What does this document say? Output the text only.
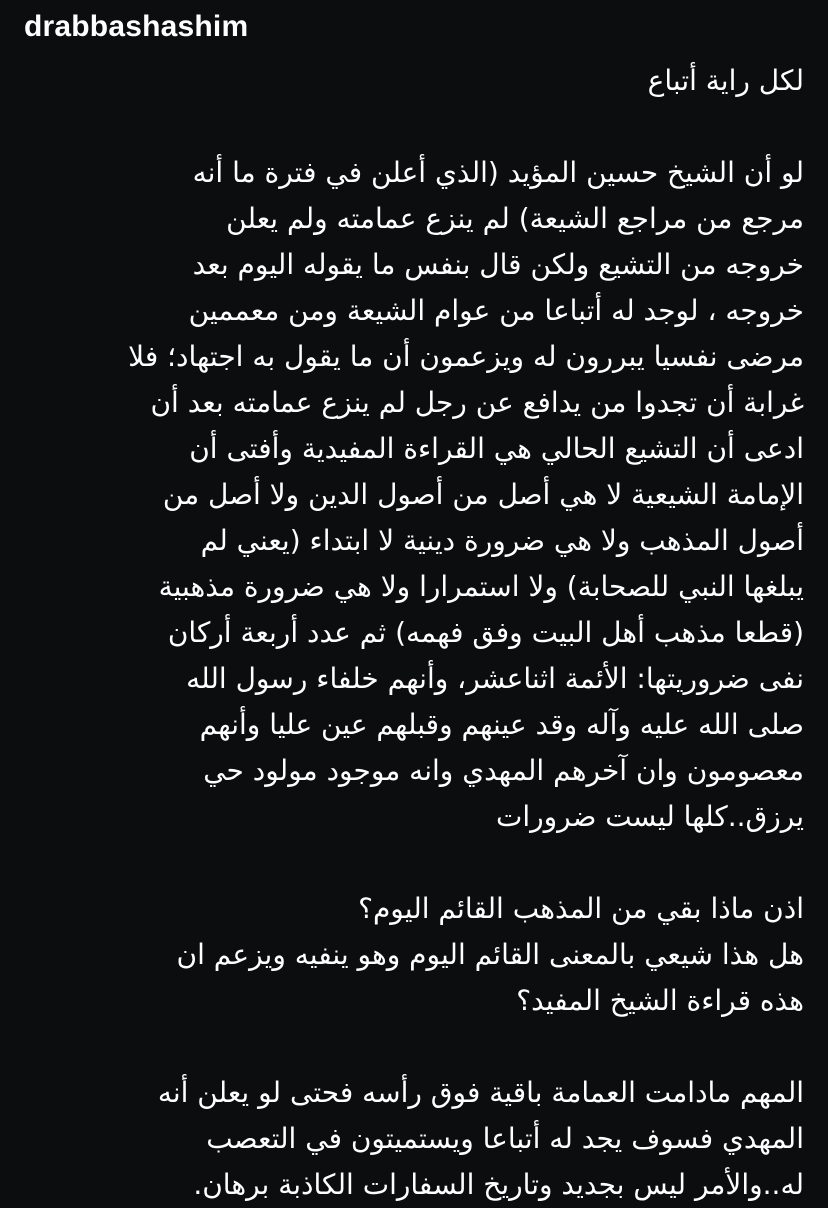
drabbashashim
لكل راية أتباع
لو أن الشيخ حسين المؤيد (الذي أعلن في فترة ما أنه
مرجع من مراجع الشيعة) لم ينزع عمامته ولم يعلن
خروجه من التشيع ولكن قال بنفس ما يقوله اليوم بعد
خروجه ، لوجد له أتباعا من عوام الشيعة ومن معممين
مرضى نفسيا يبررون له ويزعمون أن ما يقول به اجتهاد؛ فلا
غرابة أن تجدوا من يدافع عن رجل لم ينزع عمامته بعد أن
ادعى أن التشيع الحالي هي القراءة المفيدية وأفتى أن
الإمامة الشيعية لا هي أصل من أصول الدين ولا أصل من
أصول المذهب ولا هي ضرورة دينية لا ابتداء (يعني لم
يبلغها النبي للصحابة) ولا استمرارا ولا هي ضرورة مذهبية
(قطعا مذهب أهل البيت وفق فهمه) ثم عدد أربعة أركان
نفى ضروريتها: الأئمة اثناعشر، وأنهم خلفاء رسول الله
صلى الله عليه وآله وقد عينهم وقبلهم عين عليا وأنهم
معصومون وان آخرهم المهدي وانه موجود مولود حي
يرزق..كلها ليست ضرورات
اذن ماذا بقي من المذهب القائم اليوم؟
هل هذا شيعي بالمعنى القائم اليوم وهو ينفيه ويزعم ان
هذه قراءة الشيخ المفيد؟
المهم مادامت العمامة باقية فوق رأسه فحتى لو يعلن أنه
المهدي فسوف يجد له أتباعا ويستميتون في التعصب
له..والأمر ليس بجديد وتاريخ السفارات الكاذبة برهان.
